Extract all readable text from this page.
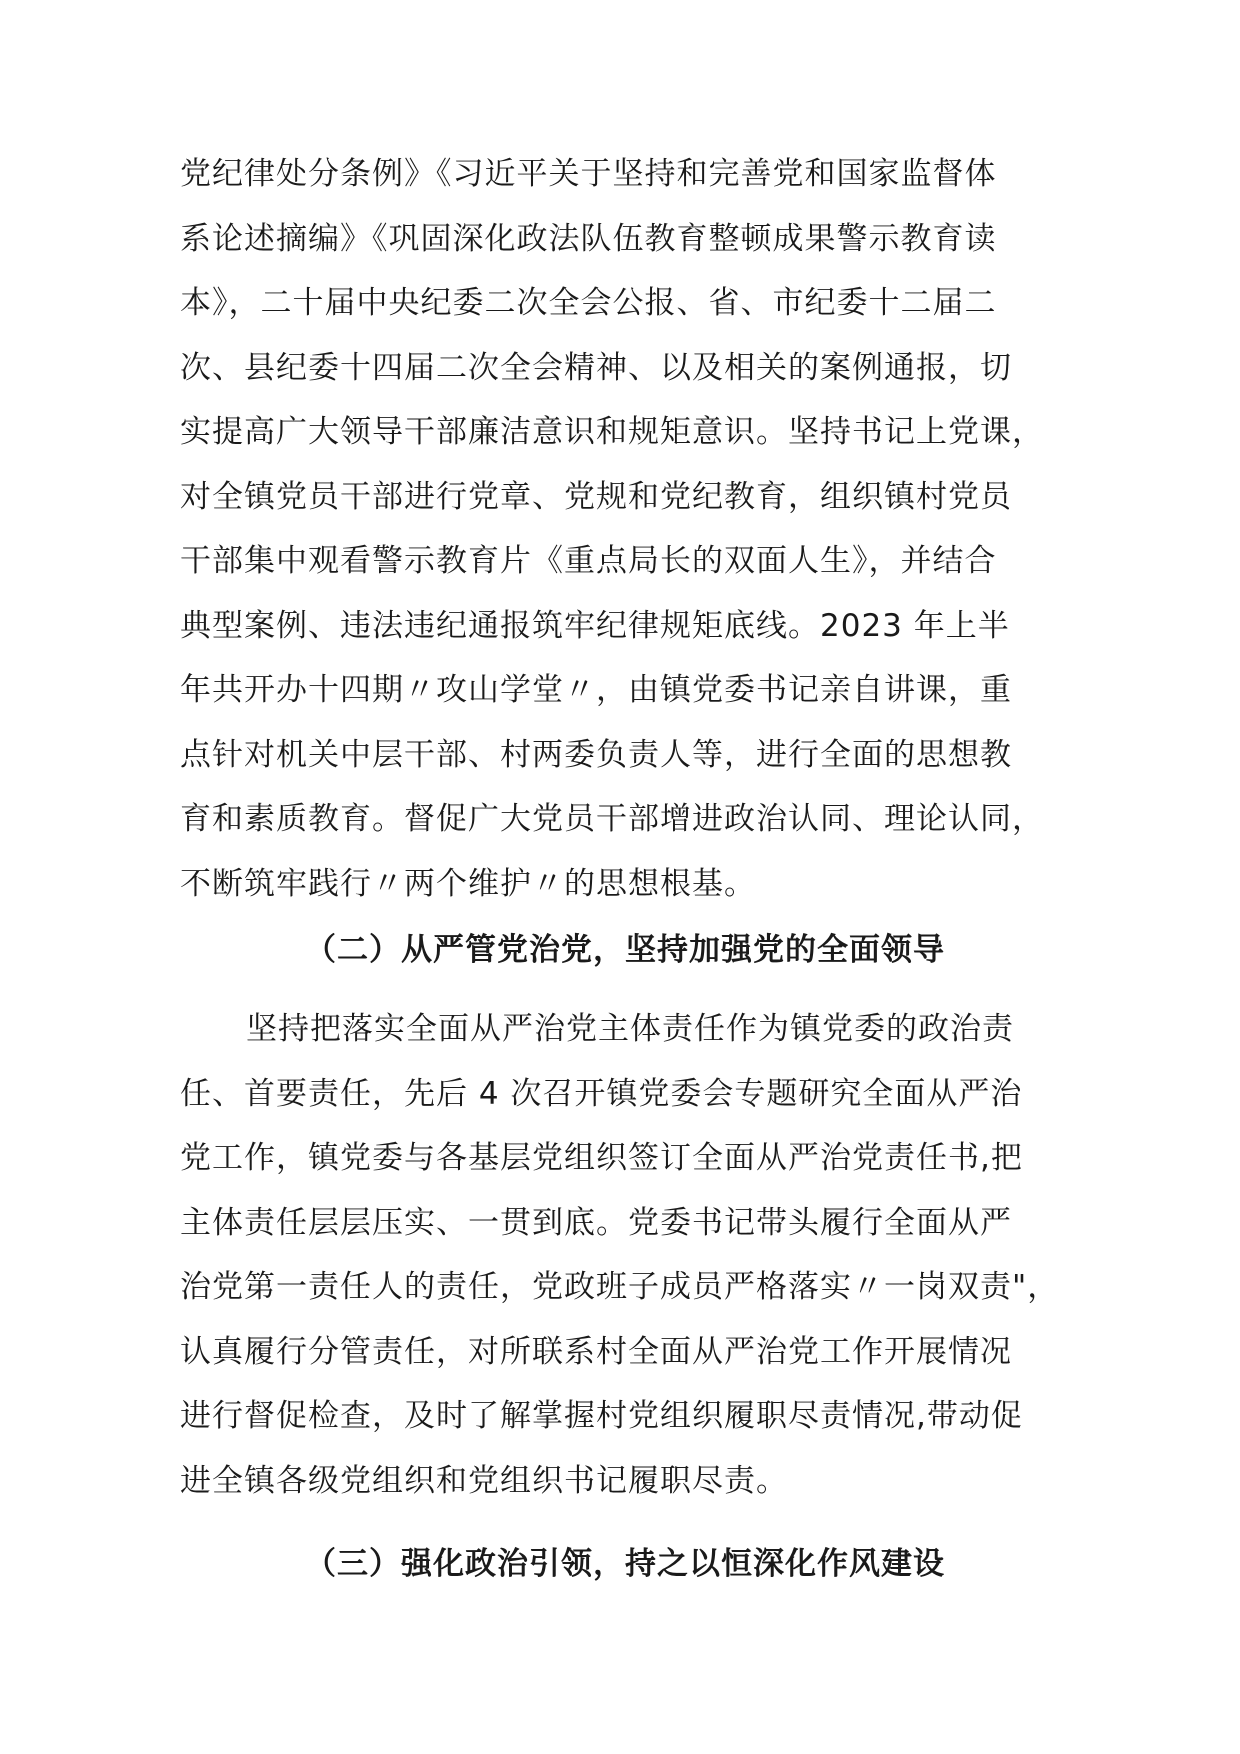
党纪律处分条例》《习近平关于坚持和完善党和国家监督体
系论述摘编》《巩固深化政法队伍教育整顿成果警示教育读
本》，二十届中央纪委二次全会公报、省、市纪委十二届二
次、县纪委十四届二次全会精神、以及相关的案例通报，切
实提高广大领导干部廉洁意识和规矩意识。坚持书记上党课，
对全镇党员干部进行党章、党规和党纪教育，组织镇村党员
干部集中观看警示教育片《重点局长的双面人生》，并结合
典型案例、违法违纪通报筑牢纪律规矩底线。2023 年上半
年共开办十四期〃攻山学堂〃，由镇党委书记亲自讲课，重
点针对机关中层干部、村两委负责人等，进行全面的思想教
育和素质教育。督促广大党员干部增进政治认同、理论认同，
不断筑牢践行〃两个维护〃的思想根基。
（二）从严管党治党，坚持加强党的全面领导
坚持把落实全面从严治党主体责任作为镇党委的政治责
任、首要责任，先后 4 次召开镇党委会专题研究全面从严治
党工作，镇党委与各基层党组织签订全面从严治党责任书,把
主体责任层层压实、一贯到底。党委书记带头履行全面从严
治党第一责任人的责任，党政班子成员严格落实〃一岗双责"，
认真履行分管责任，对所联系村全面从严治党工作开展情况
进行督促检查，及时了解掌握村党组织履职尽责情况,带动促
进全镇各级党组织和党组织书记履职尽责。
（三）强化政治引领，持之以恒深化作风建设
